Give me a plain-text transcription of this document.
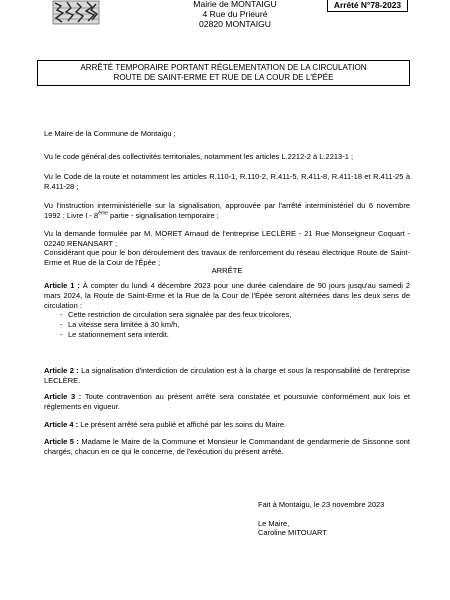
Mairie de MONTAIGU
4 Rue du Prieuré
02820 MONTAIGU
Arrêté N°78-2023
ARRÊTÉ TEMPORAIRE PORTANT RÉGLEMENTATION DE LA CIRCULATION
ROUTE DE SAINT-ERME ET RUE DE LA COUR DE L'ÉPÉE
Le Maire de la Commune de Montaigu ;
Vu le code général des collectivités territoriales, notamment les articles L.2212-2 à L.2213-1 ;
Vu le Code de la route et notamment les articles R.110-1, R.110-2, R.411-5, R.411-8, R.411-18 et R.411-25 à R.411-28 ;
Vu l'instruction interministérielle sur la signalisation, approuvée par l'arrêté interministériel du 6 novembre 1992 ; Livre I - 8ème partie - signalisation temporaire ;
Vu la demande formulée par M. MORET Arnaud de l'entreprise LECLÈRE - 21 Rue Monseigneur Coquart - 02240 RENANSART ;
Considérant que pour le bon déroulement des travaux de renforcement du réseau électrique Route de Saint-Erme et Rue de la Cour de l'Épée ;
ARRÊTE
Article 1 : À compter du lundi 4 décembre 2023 pour une durée calendaire de 90 jours jusqu'au samedi 2 mars 2024, la Route de Saint-Erme et la Rue de la Cour de l'Épée seront altérnées dans les deux sens de circulation :
- Cette restriction de circulation sera signalée par des feux tricolores,
- La vitesse sera limitée à 30 km/h,
- Le stationnement sera interdit.
Article 2 : La signalisation d'interdiction de circulation est à la charge et sous la responsabilité de l'entreprise LECLÈRE.
Article 3 : Toute contravention au présent arrêté sera constatée et poursuivie conformément aux lois et règlements en vigueur.
Article 4 : Le présent arrêté sera publié et affiché par les soins du Maire.
Article 5 : Madame le Maire de la Commune et Monsieur le Commandant de gendarmerie de Sissonne sont chargés, chacun en ce qui le concerne, de l'exécution du présent arrêté.
Fait à Montaigu, le 23 novembre 2023
Le Maire,
Caroline MITOUART
